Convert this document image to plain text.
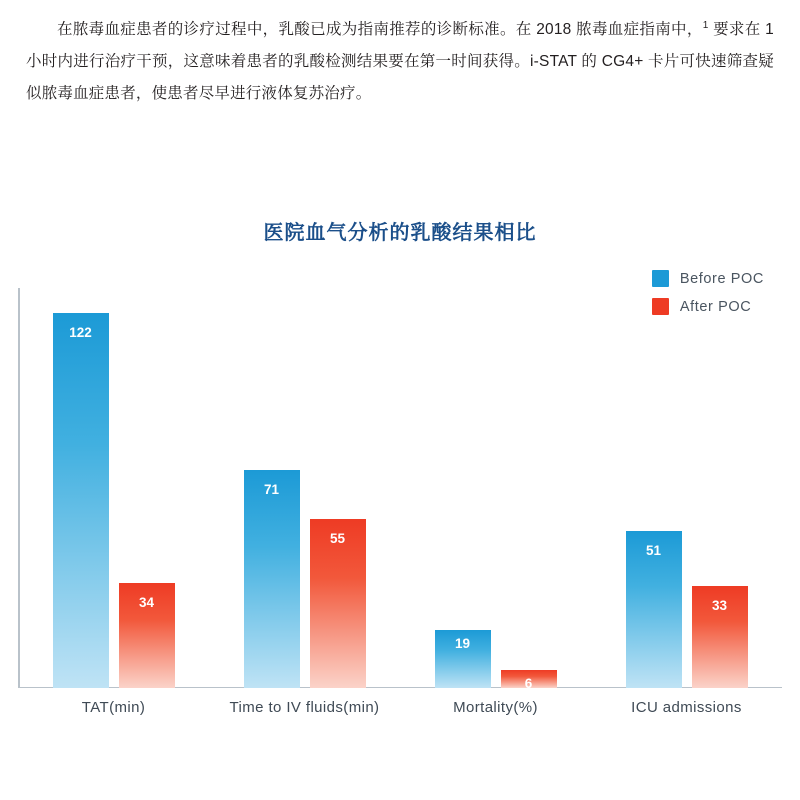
在脓毒血症患者的诊疗过程中，乳酸已成为指南推荐的诊断标准。在 2018 脓毒血症指南中，$^1$ 要求在 1 小时内进行治疗干预，这意味着患者的乳酸检测结果要在第一时间获得。i-STAT 的 CG4+ 卡片可快速筛查疑似脓毒血症患者，使患者尽早进行液体复苏治疗。

医院血气分析的乳酸结果相比
Before POC
After POC
122
34
71
55
19
6
51
33
TAT(min)	Time to IV fluids(min)	Mortality(%)	ICU admissions
